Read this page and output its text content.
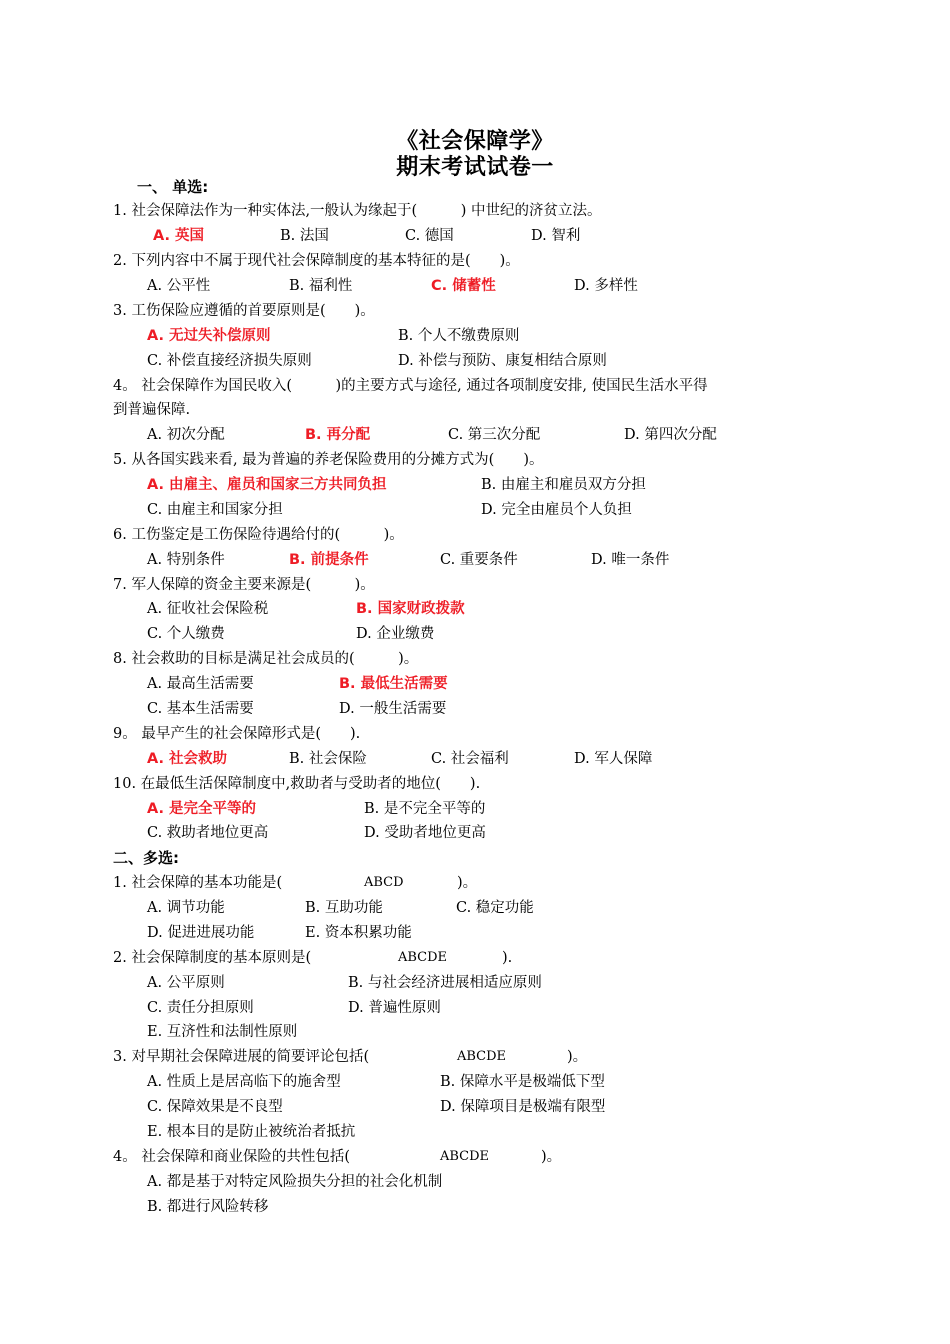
《社会保障学》
期末考试试卷一
一、 单选:
1. 社会保障法作为一种实体法,一般认为缘起于(　　　) 中世纪的济贫立法。
A. 英国	B. 法国	C. 德国	D. 智利
2. 下列内容中不属于现代社会保障制度的基本特征的是(　　)。
A. 公平性	B. 福利性	C. 储蓄性	D. 多样性
3. 工伤保险应遵循的首要原则是(　　)。
A. 无过失补偿原则	B. 个人不缴费原则
C. 补偿直接经济损失原则	D. 补偿与预防、康复相结合原则
4。 社会保障作为国民收入(　　　)的主要方式与途径, 通过各项制度安排, 使国民生活水平得
到普遍保障.
A. 初次分配	B. 再分配	C. 第三次分配	D. 第四次分配
5. 从各国实践来看, 最为普遍的养老保险费用的分摊方式为(　　)。
A. 由雇主、雇员和国家三方共同负担	B. 由雇主和雇员双方分担
C. 由雇主和国家分担	D. 完全由雇员个人负担
6. 工伤鉴定是工伤保险待遇给付的(　　　)。
A. 特别条件	B. 前提条件	C. 重要条件	D. 唯一条件
7. 军人保障的资金主要来源是(　　　)。
A. 征收社会保险税	B. 国家财政拨款
C. 个人缴费	D. 企业缴费
8. 社会救助的目标是满足社会成员的(　　　)。
A. 最高生活需要	B. 最低生活需要
C. 基本生活需要	D. 一般生活需要
9。 最早产生的社会保障形式是(　　).
A. 社会救助	B. 社会保险	C. 社会福利	D. 军人保障
10. 在最低生活保障制度中,救助者与受助者的地位(　　).
A. 是完全平等的	B. 是不完全平等的
C. 救助者地位更高	D. 受助者地位更高
二、多选:
1. 社会保障的基本功能是(	ABCD	)。
A. 调节功能	B. 互助功能	C. 稳定功能
D. 促进进展功能	E. 资本积累功能
2. 社会保障制度的基本原则是(	ABCDE	).
A. 公平原则	B. 与社会经济进展相适应原则
C. 责任分担原则	D. 普遍性原则
E. 互济性和法制性原则
3. 对早期社会保障进展的简要评论包括(	ABCDE	)。
A. 性质上是居高临下的施舍型	B. 保障水平是极端低下型
C. 保障效果是不良型	D. 保障项目是极端有限型
E. 根本目的是防止被统治者抵抗
4。 社会保障和商业保险的共性包括(	ABCDE	)。
A. 都是基于对特定风险损失分担的社会化机制
B. 都进行风险转移
